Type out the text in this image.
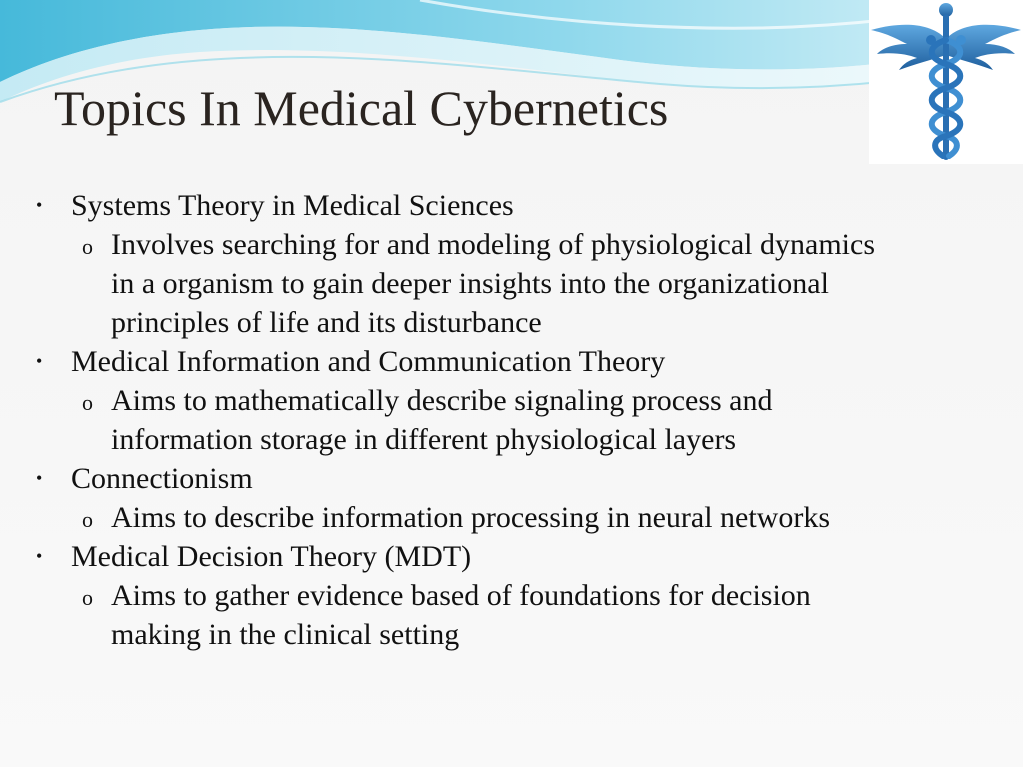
Topics In Medical Cybernetics
• Systems Theory in Medical Sciences
o Involves searching for and modeling of physiological dynamics
in a organism to gain deeper insights into the organizational
principles of life and its disturbance
• Medical Information and Communication Theory
o Aims to mathematically describe signaling process and
information storage in different physiological layers
• Connectionism
o Aims to describe information processing in neural networks
• Medical Decision Theory (MDT)
o Aims to gather evidence based of foundations for decision
making in the clinical setting
